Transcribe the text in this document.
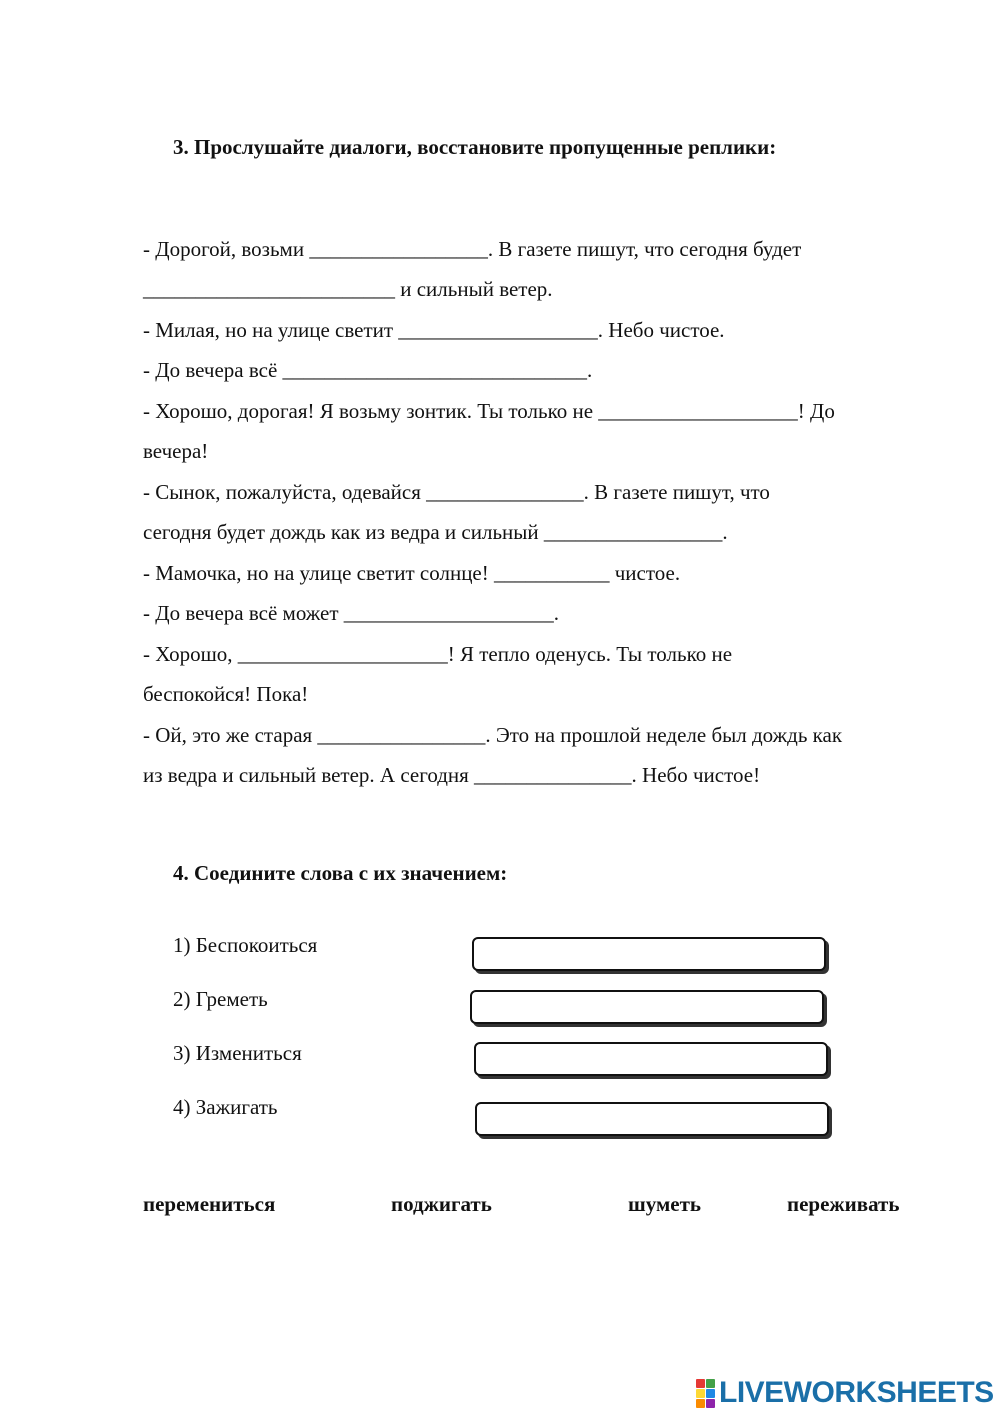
3. Прослушайте диалоги, восстановите пропущенные реплики:
- Дорогой, возьми _________________. В газете пишут, что сегодня будет
________________________ и сильный ветер.
- Милая, но на улице светит ___________________. Небо чистое.
- До вечера всё _____________________________.
- Хорошо, дорогая! Я возьму зонтик. Ты только не ___________________! До
вечера!
- Сынок, пожалуйста, одевайся _______________. В газете пишут, что
сегодня будет дождь как из ведра и сильный _________________.
- Мамочка, но на улице светит солнце! ___________ чистое.
- До вечера всё может ____________________.
- Хорошо, ____________________! Я тепло оденусь. Ты только не
беспокойся! Пока!
- Ой, это же старая ________________. Это на прошлой неделе был дождь как
из ведра и сильный ветер. А сегодня _______________. Небо чистое!
4. Соедините слова с их значением:
1) Беспокоиться
2) Греметь
3) Измениться
4) Зажигать
перемениться	поджигать	шуметь	переживать
LIVEWORKSHEETS
